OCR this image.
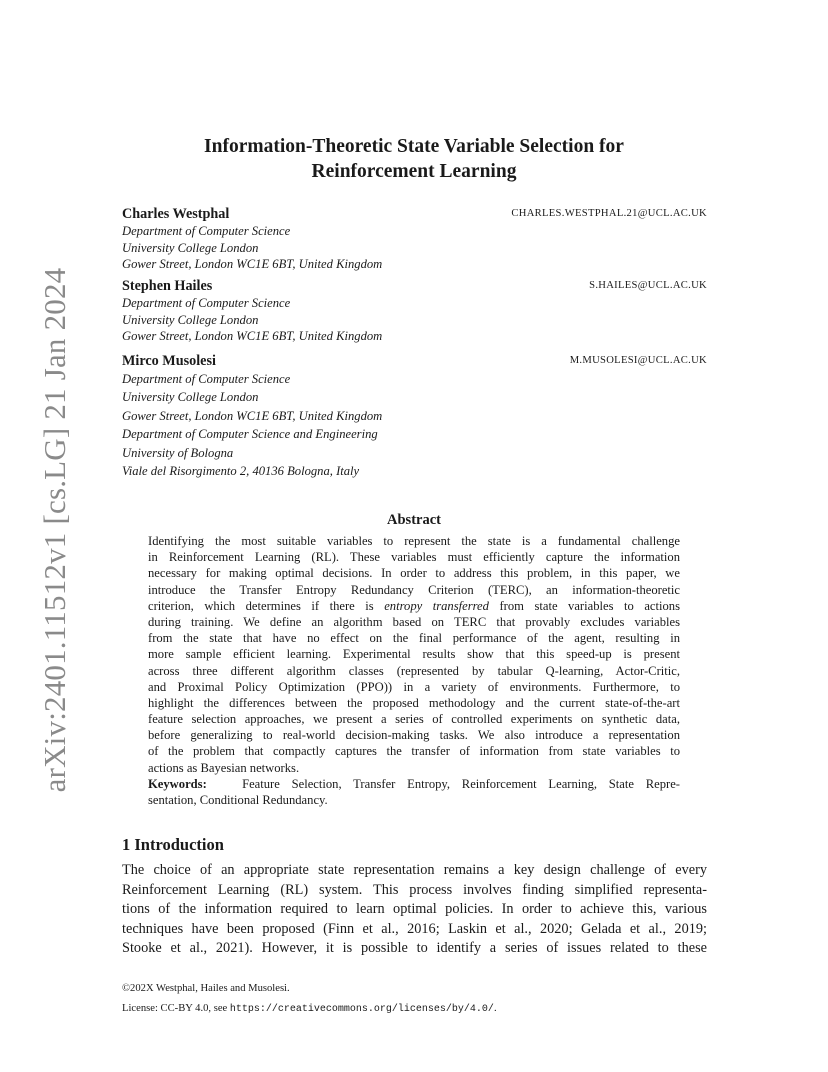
arXiv:2401.11512v1 [cs.LG] 21 Jan 2024
Information-Theoretic State Variable Selection for
Reinforcement Learning
Charles Westphal	CHARLES.WESTPHAL.21@UCL.AC.UK
Department of Computer Science
University College London
Gower Street, London WC1E 6BT, United Kingdom
Stephen Hailes	S.HAILES@UCL.AC.UK
Department of Computer Science
University College London
Gower Street, London WC1E 6BT, United Kingdom
Mirco Musolesi	M.MUSOLESI@UCL.AC.UK
Department of Computer Science
University College London
Gower Street, London WC1E 6BT, United Kingdom
Department of Computer Science and Engineering
University of Bologna
Viale del Risorgimento 2, 40136 Bologna, Italy
Abstract
Identifying the most suitable variables to represent the state is a fundamental challenge
in Reinforcement Learning (RL). These variables must efficiently capture the information
necessary for making optimal decisions. In order to address this problem, in this paper, we
introduce the Transfer Entropy Redundancy Criterion (TERC), an information-theoretic
criterion, which determines if there is entropy transferred from state variables to actions
during training. We define an algorithm based on TERC that provably excludes variables
from the state that have no effect on the final performance of the agent, resulting in
more sample efficient learning. Experimental results show that this speed-up is present
across three different algorithm classes (represented by tabular Q-learning, Actor-Critic,
and Proximal Policy Optimization (PPO)) in a variety of environments. Furthermore, to
highlight the differences between the proposed methodology and the current state-of-the-art
feature selection approaches, we present a series of controlled experiments on synthetic data,
before generalizing to real-world decision-making tasks. We also introduce a representation
of the problem that compactly captures the transfer of information from state variables to
actions as Bayesian networks.
Keywords:	Feature Selection, Transfer Entropy, Reinforcement Learning, State Repre-
sentation, Conditional Redundancy.
1 Introduction
The choice of an appropriate state representation remains a key design challenge of every
Reinforcement Learning (RL) system. This process involves finding simplified representa-
tions of the information required to learn optimal policies. In order to achieve this, various
techniques have been proposed (Finn et al., 2016; Laskin et al., 2020; Gelada et al., 2019;
Stooke et al., 2021). However, it is possible to identify a series of issues related to these
©202X Westphal, Hailes and Musolesi.
License: CC-BY 4.0, see https://creativecommons.org/licenses/by/4.0/.
